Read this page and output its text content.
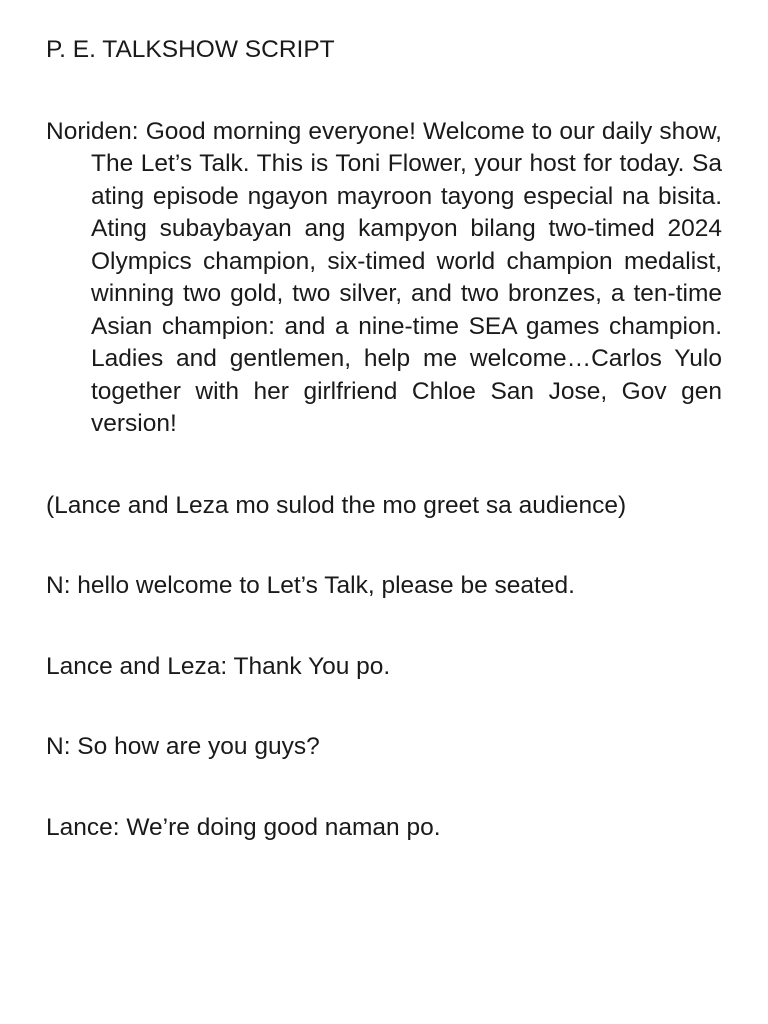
P. E. TALKSHOW SCRIPT

Noriden: Good morning everyone! Welcome to our daily show, The Let’s Talk. This is Toni Flower, your host for today. Sa ating episode ngayon mayroon tayong especial na bisita. Ating subaybayan ang kampyon bilang two-timed 2024 Olympics champion, six-timed world champion medalist, winning two gold, two silver, and two bronzes, a ten-time Asian champion: and a nine-time SEA games champion. Ladies and gentlemen, help me welcome…Carlos Yulo together with her girlfriend Chloe San Jose, Gov gen version!

(Lance and Leza mo sulod the mo greet sa audience)

N: hello welcome to Let’s Talk, please be seated.

Lance and Leza: Thank You po.

N: So how are you guys?

Lance: We’re doing good naman po.
